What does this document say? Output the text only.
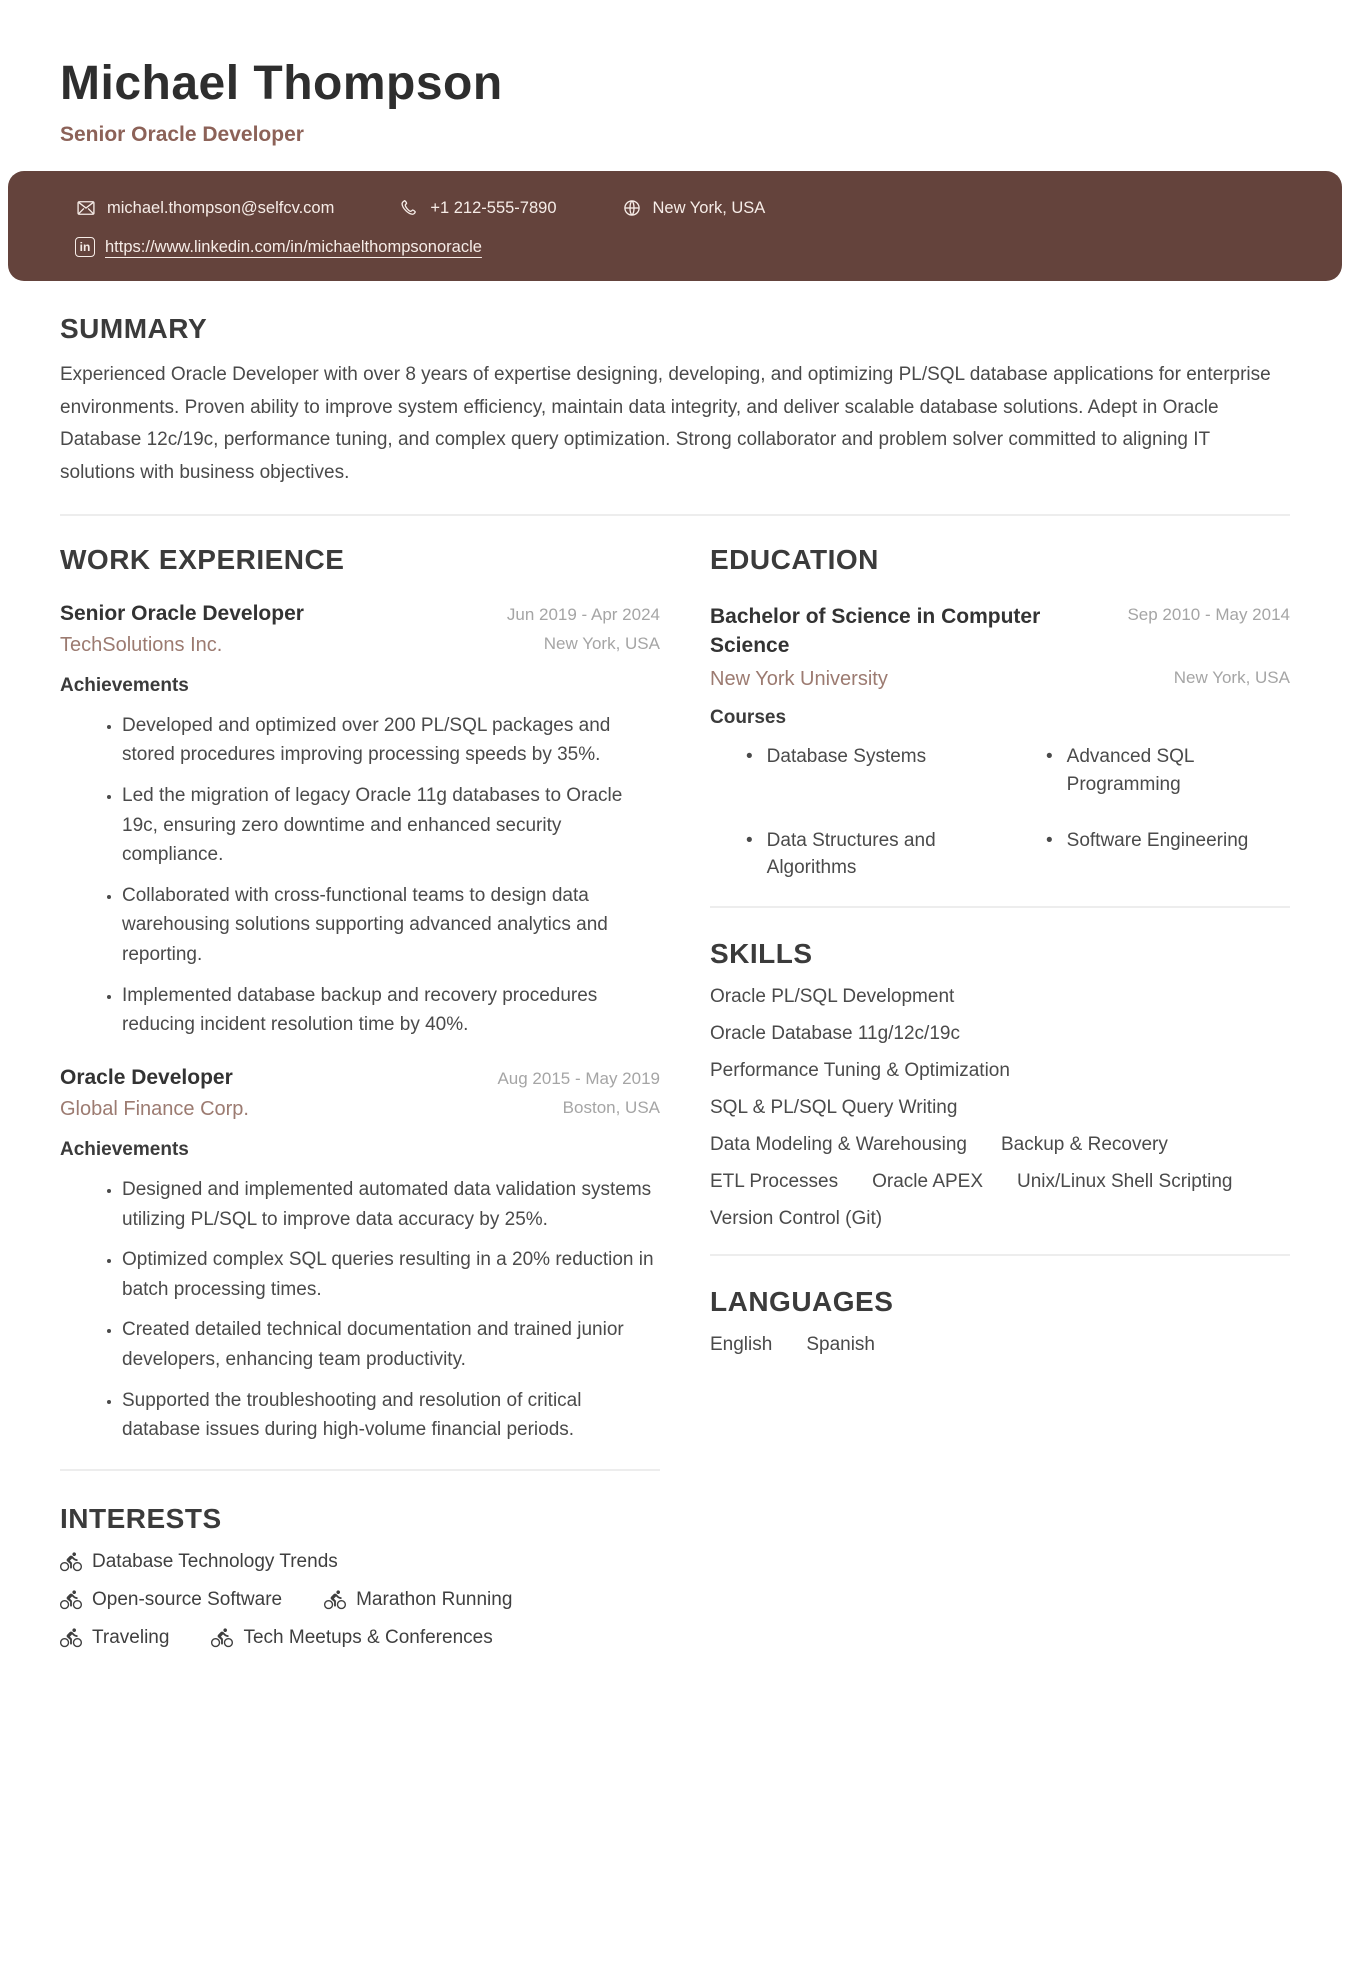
Michael Thompson
Senior Oracle Developer
michael.thompson@selfcv.com	+1 212-555-7890	New York, USA
in https://www.linkedin.com/in/michaelthompsonoracle
SUMMARY

Experienced Oracle Developer with over 8 years of expertise designing, developing, and optimizing PL/SQL database applications for enterprise environments. Proven ability to improve system efficiency, maintain data integrity, and deliver scalable database solutions. Adept in Oracle Database 12c/19c, performance tuning, and complex query optimization. Strong collaborator and problem solver committed to aligning IT solutions with business objectives.

WORK EXPERIENCE
Senior Oracle Developer	Jun 2019 - Apr 2024
TechSolutions Inc.	New York, USA
Achievements
• Developed and optimized over 200 PL/SQL packages and stored procedures improving processing speeds by 35%.
• Led the migration of legacy Oracle 11g databases to Oracle 19c, ensuring zero downtime and enhanced security compliance.
• Collaborated with cross-functional teams to design data warehousing solutions supporting advanced analytics and reporting.
• Implemented database backup and recovery procedures reducing incident resolution time by 40%.
Oracle Developer	Aug 2015 - May 2019
Global Finance Corp.	Boston, USA
Achievements
• Designed and implemented automated data validation systems utilizing PL/SQL to improve data accuracy by 25%.
• Optimized complex SQL queries resulting in a 20% reduction in batch processing times.
• Created detailed technical documentation and trained junior developers, enhancing team productivity.
• Supported the troubleshooting and resolution of critical database issues during high-volume financial periods.
INTERESTS
Database Technology Trends
Open-source Software	Marathon Running
Traveling	Tech Meetups & Conferences
EDUCATION
Bachelor of Science in Computer Science
Sep 2010 - May 2014
New York University	New York, USA
Courses
• Database Systems	• Advanced SQL Programming
• Data Structures and Algorithms
• Software Engineering
SKILLS
Oracle PL/SQL Development
Oracle Database 11g/12c/19c
Performance Tuning & Optimization
SQL & PL/SQL Query Writing
Data Modeling & Warehousing Backup & Recovery
ETL Processes Oracle APEX Unix/Linux Shell Scripting
Version Control (Git)
LANGUAGES
English Spanish
